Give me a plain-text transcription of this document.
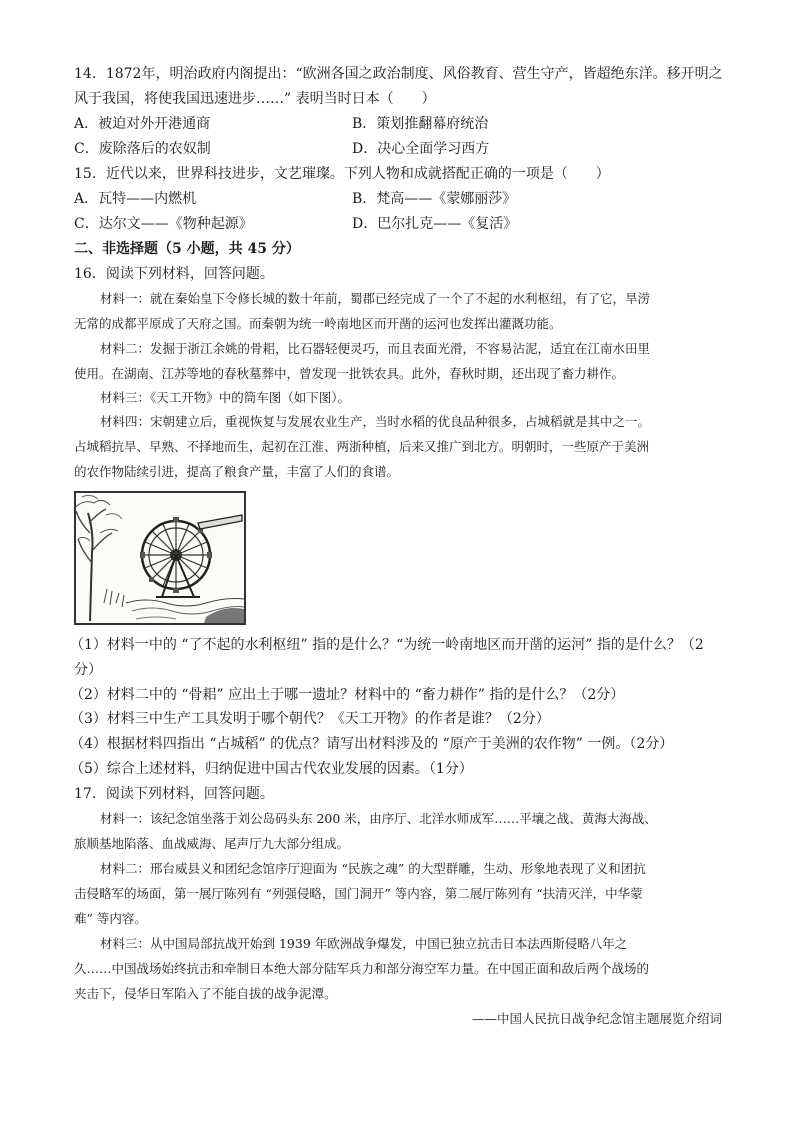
14．1872年，明治政府内阁提出：“欧洲各国之政治制度、风俗教育、营生守产，皆超绝东洋。移开明之
风于我国，将使我国迅速进步……” 表明当时日本（　　）
A．被迫对外开港通商	B．策划推翻幕府统治
C．废除落后的农奴制	D．决心全面学习西方
15．近代以来，世界科技进步，文艺璀璨。下列人物和成就搭配正确的一项是（　　）
A．瓦特——内燃机	B．梵高——《蒙娜丽莎》
C．达尔文——《物种起源》	D．巴尔扎克——《复活》
二、非选择题（5 小题，共 45 分）
16．阅读下列材料，回答问题。
材料一：就在秦始皇下令修长城的数十年前，蜀郡已经完成了一个了不起的水利枢纽，有了它，旱涝
无常的成都平原成了天府之国。而秦朝为统一岭南地区而开凿的运河也发挥出灌溉功能。
材料二：发掘于浙江余姚的骨耜，比石器轻便灵巧，而且表面光滑，不容易沾泥，适宜在江南水田里
使用。在湖南、江苏等地的春秋墓葬中，曾发现一批铁农具。此外，春秋时期，还出现了畜力耕作。
材料三：《天工开物》中的筒车图（如下图）。
材料四：宋朝建立后，重视恢复与发展农业生产，当时水稻的优良品种很多，占城稻就是其中之一。
占城稻抗旱、早熟、不择地而生，起初在江淮、两浙种植，后来又推广到北方。明朝时，一些原产于美洲
的农作物陆续引进，提高了粮食产量，丰富了人们的食谱。
（1）材料一中的 “了不起的水利枢纽” 指的是什么？“为统一岭南地区而开凿的运河” 指的是什么？（2
分）
（2）材料二中的 “骨耜” 应出土于哪一遗址？材料中的 “畜力耕作” 指的是什么？（2分）
（3）材料三中生产工具发明于哪个朝代？《天工开物》的作者是谁？（2分）
（4）根据材料四指出 “占城稻” 的优点？请写出材料涉及的 “原产于美洲的农作物” 一例。（2分）
（5）综合上述材料，归纳促进中国古代农业发展的因素。（1分）
17．阅读下列材料，回答问题。
材料一：该纪念馆坐落于刘公岛码头东 200 米，由序厅、北洋水师成军……平壤之战、黄海大海战、
旅顺基地陷落、血战威海、尾声厅九大部分组成。
材料二：邢台威县义和团纪念馆序厅迎面为 “民族之魂” 的大型群雕，生动、形象地表现了义和团抗
击侵略军的场面，第一展厅陈列有 “列强侵略，国门洞开” 等内容，第二展厅陈列有 “扶清灭洋，中华蒙
难” 等内容。
材料三：从中国局部抗战开始到 1939 年欧洲战争爆发，中国已独立抗击日本法西斯侵略八年之
久……中国战场始终抗击和牵制日本绝大部分陆军兵力和部分海空军力量。在中国正面和敌后两个战场的
夹击下，侵华日军陷入了不能自拔的战争泥潭。
——中国人民抗日战争纪念馆主题展览介绍词
